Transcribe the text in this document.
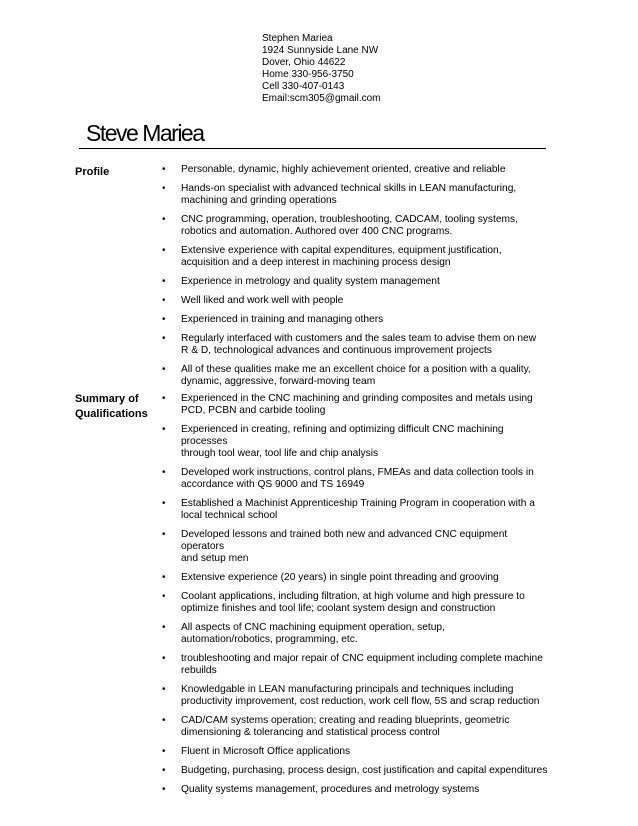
Stephen Mariea
1924 Sunnyside Lane NW
Dover, Ohio 44622
Home 330-956-3750
Cell 330-407-0143
Email:scm305@gmail.com
Steve Mariea
Profile
Summary of
Qualifications
• Personable, dynamic, highly achievement oriented, creative and reliable
• Hands-on specialist with advanced technical skills in LEAN manufacturing,
machining and grinding operations
• CNC programming, operation, troubleshooting, CADCAM, tooling systems,
robotics and automation. Authored over 400 CNC programs.
• Extensive experience with capital expenditures, equipment justification,
acquisition and a deep interest in machining process design
• Experience in metrology and quality system management
• Well liked and work well with people
• Experienced in training and managing others
• Regularly interfaced with customers and the sales team to advise them on new
R & D, technological advances and continuous improvement projects
• All of these qualities make me an excellent choice for a position with a quality,
dynamic, aggressive, forward-moving team
• Experienced in the CNC machining and grinding composites and metals using
PCD, PCBN and carbide tooling
• Experienced in creating, refining and optimizing difficult CNC machining processes
through tool wear, tool life and chip analysis
• Developed work instructions, control plans, FMEAs and data collection tools in
accordance with QS 9000 and TS 16949
• Established a Machinist Apprenticeship Training Program in cooperation with a
local technical school
• Developed lessons and trained both new and advanced CNC equipment operators
and setup men
• Extensive experience (20 years) in single point threading and grooving
• Coolant applications, including filtration, at high volume and high pressure to
optimize finishes and tool life; coolant system design and construction
• All aspects of CNC machining equipment operation, setup,
automation/robotics, programming, etc.
• troubleshooting and major repair of CNC equipment including complete machine
rebuilds
• Knowledgable in LEAN manufacturing principals and techniques including
productivity improvement, cost reduction, work cell flow, 5S and scrap reduction
• CAD/CAM systems operation; creating and reading blueprints, geometric
dimensioning & tolerancing and statistical process control
• Fluent in Microsoft Office applications
• Budgeting, purchasing, process design, cost justification and capital expenditures
• Quality systems management, procedures and metrology systems
